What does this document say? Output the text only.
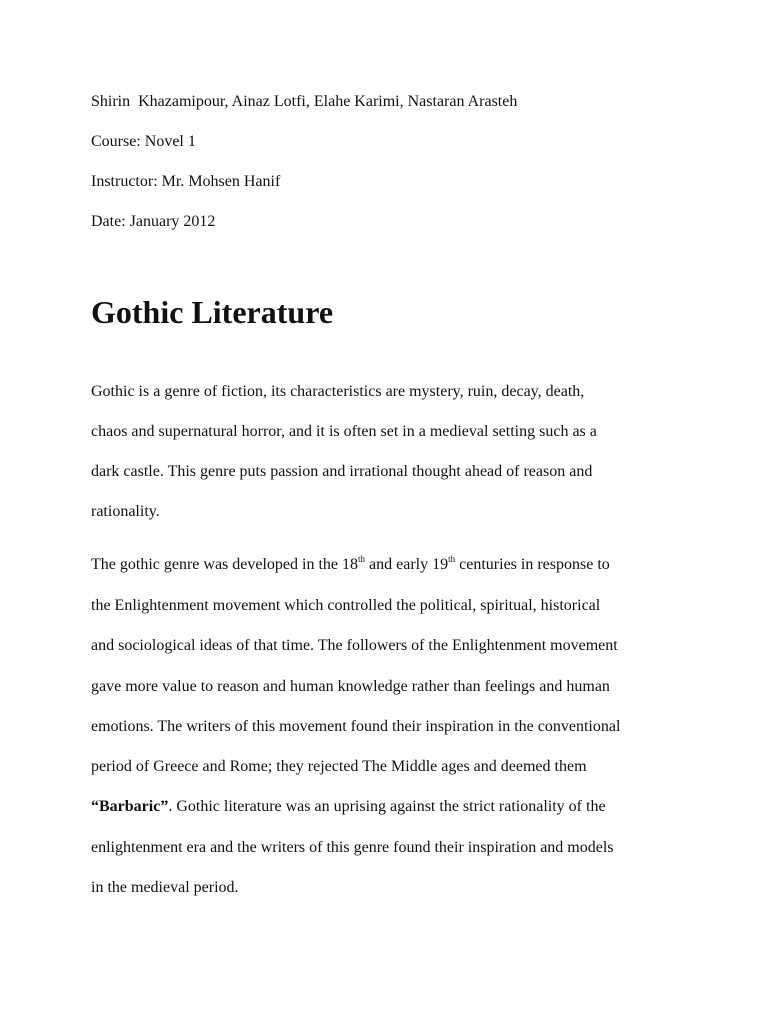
Shirin  Khazamipour, Ainaz Lotfi, Elahe Karimi, Nastaran Arasteh
Course: Novel 1
Instructor: Mr. Mohsen Hanif
Date: January 2012
Gothic Literature
Gothic is a genre of fiction, its characteristics are mystery, ruin, decay, death,
chaos and supernatural horror, and it is often set in a medieval setting such as a
dark castle. This genre puts passion and irrational thought ahead of reason and
rationality.
The gothic genre was developed in the 18th and early 19th centuries in response to
the Enlightenment movement which controlled the political, spiritual, historical
and sociological ideas of that time. The followers of the Enlightenment movement
gave more value to reason and human knowledge rather than feelings and human
emotions. The writers of this movement found their inspiration in the conventional
period of Greece and Rome; they rejected The Middle ages and deemed them
“Barbaric”. Gothic literature was an uprising against the strict rationality of the
enlightenment era and the writers of this genre found their inspiration and models
in the medieval period.
